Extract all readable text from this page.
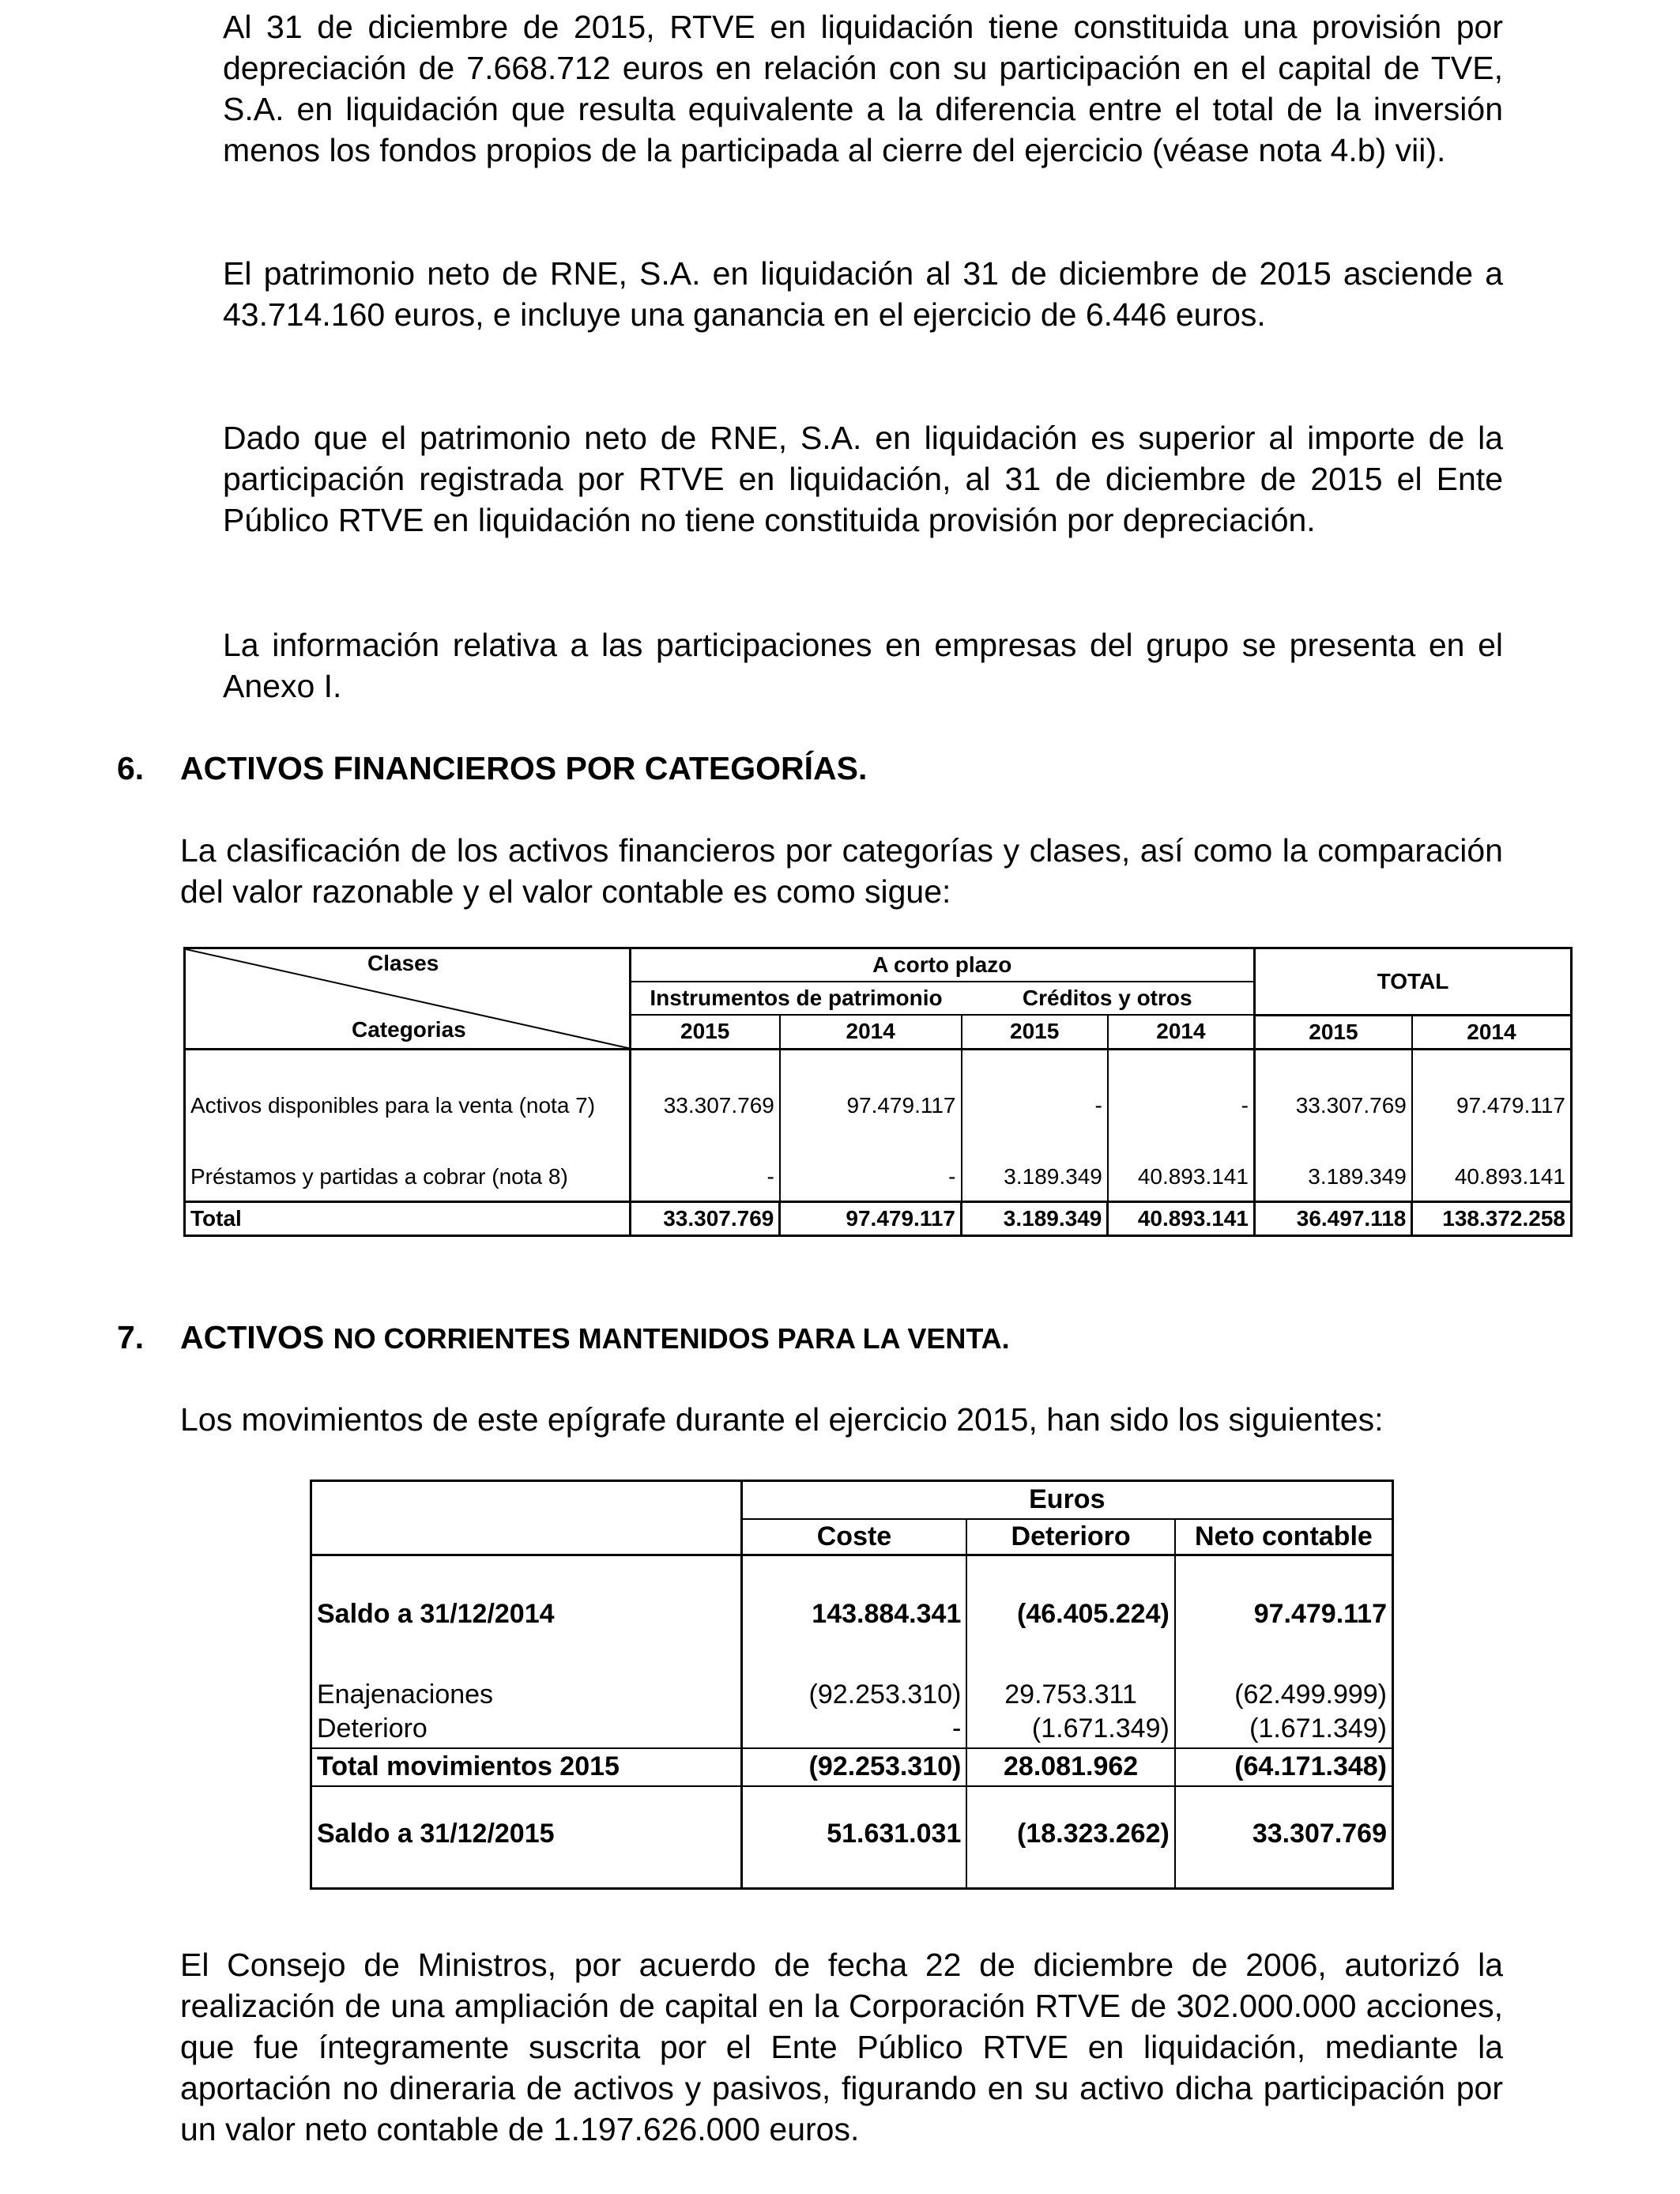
Al 31 de diciembre de 2015, RTVE en liquidación tiene constituida una provisión por depreciación de 7.668.712 euros en relación con su participación en el capital de TVE, S.A. en liquidación que resulta equivalente a la diferencia entre el total de la inversión menos los fondos propios de la participada al cierre del ejercicio (véase nota 4.b) vii).

El patrimonio neto de RNE, S.A. en liquidación al 31 de diciembre de 2015 asciende a 43.714.160 euros, e incluye una ganancia en el ejercicio de 6.446 euros.

Dado que el patrimonio neto de RNE, S.A. en liquidación es superior al importe de la participación registrada por RTVE en liquidación, al 31 de diciembre de 2015 el Ente Público RTVE en liquidación no tiene constituida provisión por depreciación.

La información relativa a las participaciones en empresas del grupo se presenta en el Anexo I.

6. ACTIVOS FINANCIEROS POR CATEGORÍAS.

La clasificación de los activos financieros por categorías y clases, así como la comparación del valor razonable y el valor contable es como sigue:

Clases
Categorias	A corto plazo				TOTAL	
	Instrumentos de patrimonio		Créditos y otros			
	2015	2014	2015	2014	2015	2014
Activos disponibles para la venta (nota 7)	33.307.769	97.479.117	-	-	33.307.769	97.479.117
Préstamos y partidas a cobrar (nota 8)	-	-	3.189.349	40.893.141	3.189.349	40.893.141
Total	33.307.769	97.479.117	3.189.349	40.893.141	36.497.118	138.372.258
7. ACTIVOS NO CORRIENTES MANTENIDOS PARA LA VENTA.

Los movimientos de este epígrafe durante el ejercicio 2015, han sido los siguientes:

	Euros		
	Coste	Deterioro	Neto contable
Saldo a 31/12/2014	143.884.341	(46.405.224)	97.479.117
Enajenaciones	(92.253.310)	29.753.311	(62.499.999)
Deterioro	-	(1.671.349)	(1.671.349)
Total movimientos 2015	(92.253.310)	28.081.962	(64.171.348)
Saldo a 31/12/2015	51.631.031	(18.323.262)	33.307.769

El Consejo de Ministros, por acuerdo de fecha 22 de diciembre de 2006, autorizó la realización de una ampliación de capital en la Corporación RTVE de 302.000.000 acciones, que fue íntegramente suscrita por el Ente Público RTVE en liquidación, mediante la aportación no dineraria de activos y pasivos, figurando en su activo dicha participación por un valor neto contable de 1.197.626.000 euros.
